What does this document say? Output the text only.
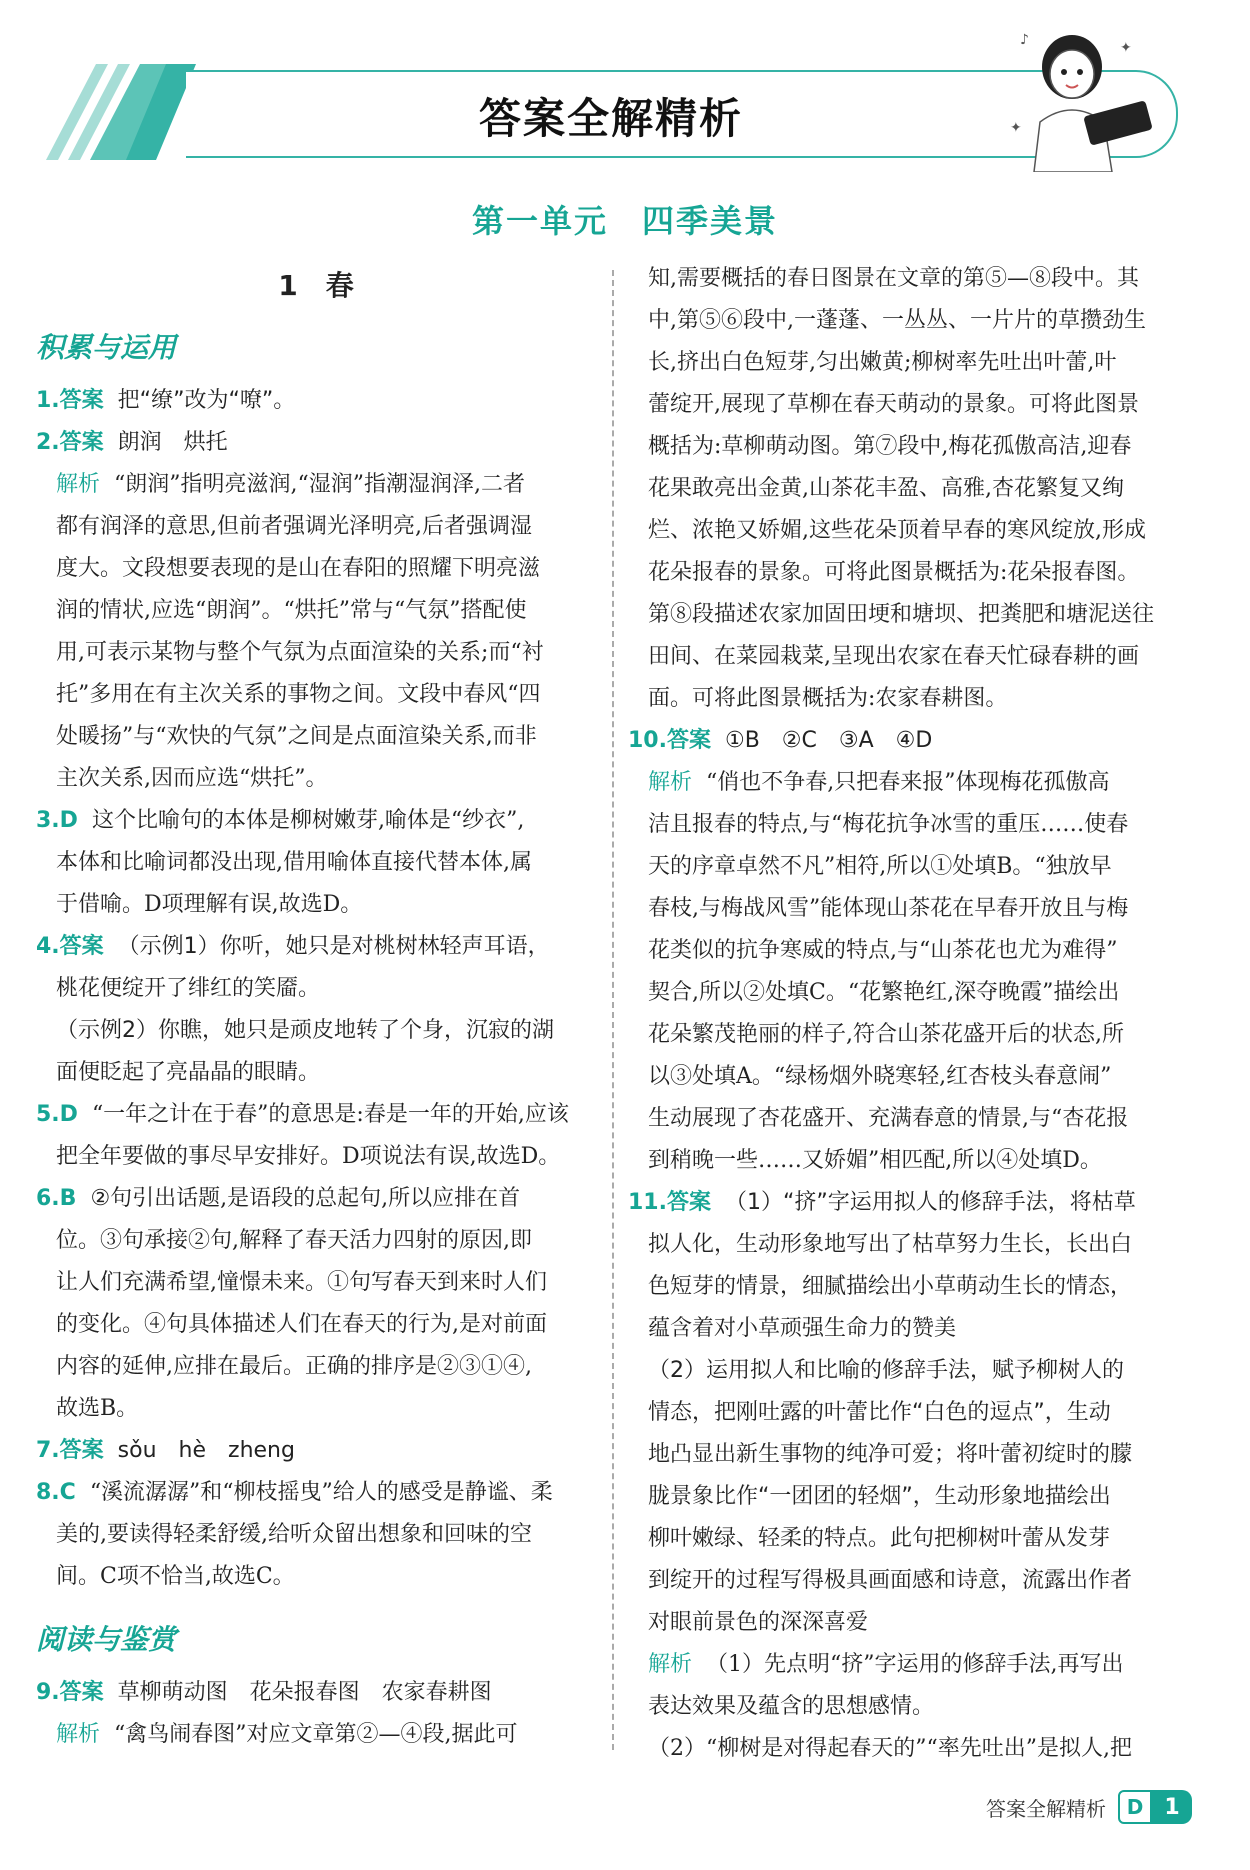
答案全解精析
♪	✦
✦
第一单元　四季美景
1　春
积累与运用

1.答案 把“缭”改为“嘹”。

2.答案 朗润　烘托

解析 “朗润”指明亮滋润,“湿润”指潮湿润泽,二者

都有润泽的意思,但前者强调光泽明亮,后者强调湿

度大。文段想要表现的是山在春阳的照耀下明亮滋

润的情状,应选“朗润”。“烘托”常与“气氛”搭配使

用,可表示某物与整个气氛为点面渲染的关系;而“衬

托”多用在有主次关系的事物之间。文段中春风“四

处暖扬”与“欢快的气氛”之间是点面渲染关系,而非

主次关系,因而应选“烘托”。

3.D 这个比喻句的本体是柳树嫩芽,喻体是“纱衣”,

本体和比喻词都没出现,借用喻体直接代替本体,属

于借喻。D项理解有误,故选D。

4.答案 （示例1）你听，她只是对桃树林轻声耳语，

桃花便绽开了绯红的笑靥。

（示例2）你瞧，她只是顽皮地转了个身，沉寂的湖

面便眨起了亮晶晶的眼睛。

5.D “一年之计在于春”的意思是:春是一年的开始,应该

把全年要做的事尽早安排好。D项说法有误,故选D。

6.B ②句引出话题,是语段的总起句,所以应排在首

位。③句承接②句,解释了春天活力四射的原因,即

让人们充满希望,憧憬未来。①句写春天到来时人们

的变化。④句具体描述人们在春天的行为,是对前面

内容的延伸,应排在最后。正确的排序是②③①④,

故选B。

7.答案 sǒu　hè　zheng

8.C “溪流潺潺”和“柳枝摇曳”给人的感受是静谧、柔

美的,要读得轻柔舒缓,给听众留出想象和回味的空

间。C项不恰当,故选C。

阅读与鉴赏

9.答案 草柳萌动图　花朵报春图　农家春耕图

解析 “禽鸟闹春图”对应文章第②—④段,据此可

知,需要概括的春日图景在文章的第⑤—⑧段中。其

中,第⑤⑥段中,一蓬蓬、一丛丛、一片片的草攒劲生

长,挤出白色短芽,匀出嫩黄;柳树率先吐出叶蕾,叶

蕾绽开,展现了草柳在春天萌动的景象。可将此图景

概括为:草柳萌动图。第⑦段中,梅花孤傲高洁,迎春

花果敢亮出金黄,山茶花丰盈、高雅,杏花繁复又绚

烂、浓艳又娇媚,这些花朵顶着早春的寒风绽放,形成

花朵报春的景象。可将此图景概括为:花朵报春图。

第⑧段描述农家加固田埂和塘坝、把粪肥和塘泥送往

田间、在菜园栽菜,呈现出农家在春天忙碌春耕的画

面。可将此图景概括为:农家春耕图。

10.答案 ①B　②C　③A　④D

解析 “俏也不争春,只把春来报”体现梅花孤傲高

洁且报春的特点,与“梅花抗争冰雪的重压……使春

天的序章卓然不凡”相符,所以①处填B。“独放早

春枝,与梅战风雪”能体现山茶花在早春开放且与梅

花类似的抗争寒威的特点,与“山茶花也尤为难得”

契合,所以②处填C。“花繁艳红,深夺晚霞”描绘出

花朵繁茂艳丽的样子,符合山茶花盛开后的状态,所

以③处填A。“绿杨烟外晓寒轻,红杏枝头春意闹”

生动展现了杏花盛开、充满春意的情景,与“杏花报

到稍晚一些……又娇媚”相匹配,所以④处填D。

11.答案 （1）“挤”字运用拟人的修辞手法，将枯草

拟人化，生动形象地写出了枯草努力生长，长出白

色短芽的情景，细腻描绘出小草萌动生长的情态，

蕴含着对小草顽强生命力的赞美

（2）运用拟人和比喻的修辞手法，赋予柳树人的

情态，把刚吐露的叶蕾比作“白色的逗点”，生动

地凸显出新生事物的纯净可爱；将叶蕾初绽时的朦

胧景象比作“一团团的轻烟”，生动形象地描绘出

柳叶嫩绿、轻柔的特点。此句把柳树叶蕾从发芽

到绽开的过程写得极具画面感和诗意，流露出作者

对眼前景色的深深喜爱

解析 （1）先点明“挤”字运用的修辞手法,再写出

表达效果及蕴含的思想感情。

（2）“柳树是对得起春天的”“率先吐出”是拟人,把

答案全解精析	D 1
